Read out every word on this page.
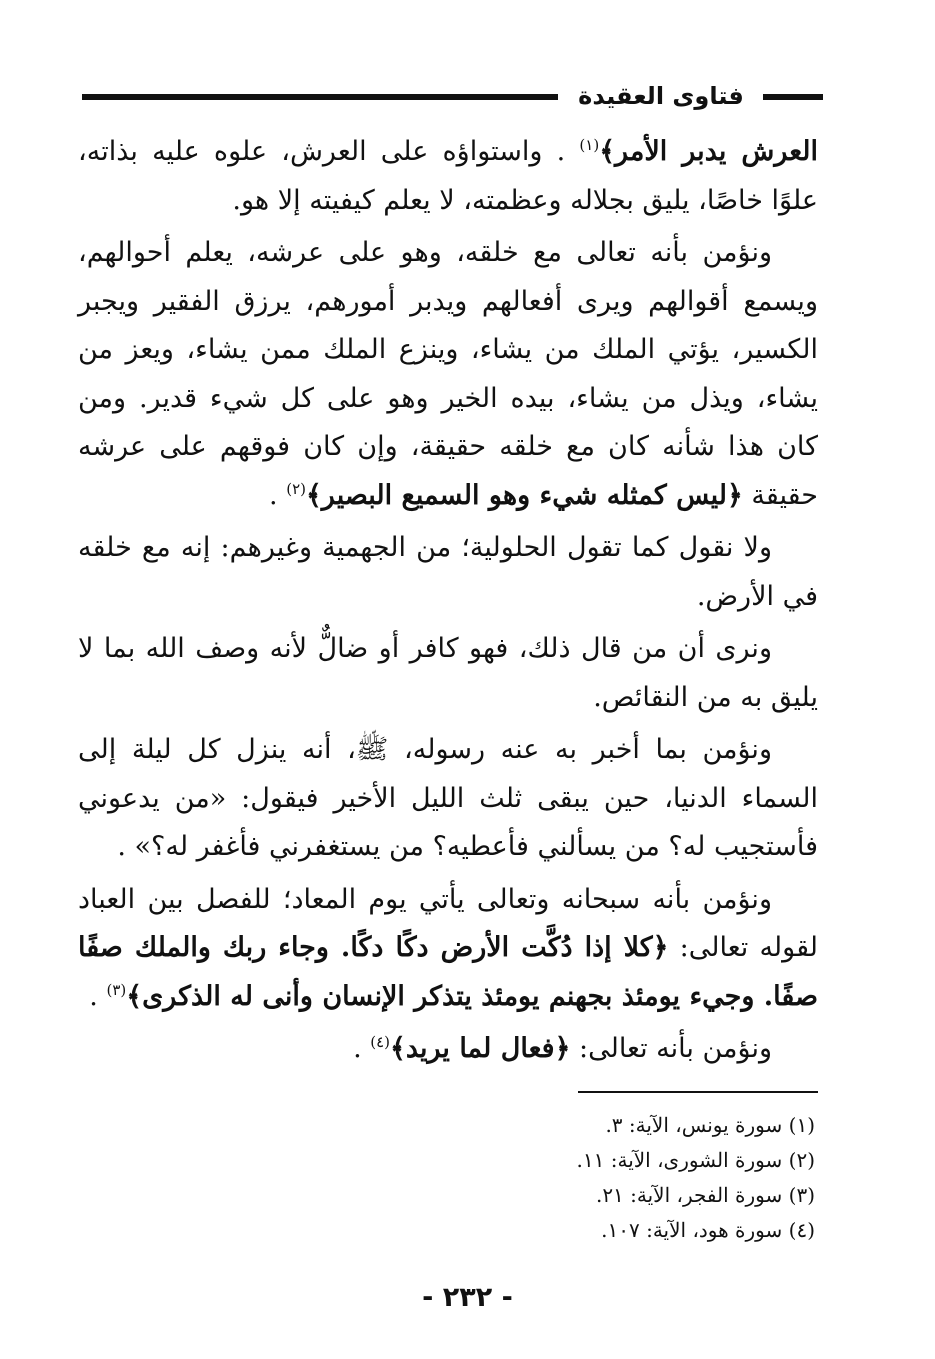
فتاوى العقيدة

العرش يدبر الأمر﴾$^{(١)}$ . واستواؤه على العرش، علوه عليه بذاته، علوًا خاصًا، يليق بجلاله وعظمته، لا يعلم كيفيته إلا هو.

ونؤمن بأنه تعالى مع خلقه، وهو على عرشه، يعلم أحوالهم، ويسمع أقوالهم ويرى أفعالهم ويدبر أمورهم، يرزق الفقير ويجبر الكسير، يؤتي الملك من يشاء، وينزع الملك ممن يشاء، ويعز من يشاء، ويذل من يشاء، بيده الخير وهو على كل شيء قدير. ومن كان هذا شأنه كان مع خلقه حقيقة، وإن كان فوقهم على عرشه حقيقة ﴿ليس كمثله شيء وهو السميع البصير﴾$^{(٢)}$ .

ولا نقول كما تقول الحلولية؛ من الجهمية وغيرهم: إنه مع خلقه في الأرض.

ونرى أن من قال ذلك، فهو كافر أو ضالٌّ لأنه وصف الله بما لا يليق به من النقائص.

ونؤمن بما أخبر به عنه رسوله، ﷺ، أنه ينزل كل ليلة إلى السماء الدنيا، حين يبقى ثلث الليل الأخير فيقول: «من يدعوني فأستجيب له؟ من يسألني فأعطيه؟ من يستغفرني فأغفر له؟» .

ونؤمن بأنه سبحانه وتعالى يأتي يوم المعاد؛ للفصل بين العباد لقوله تعالى: ﴿كلا إذا دُكَّت الأرض دكًا دكًا. وجاء ربك والملك صفًا صفًا. وجيء يومئذ بجهنم يومئذ يتذكر الإنسان وأنى له الذكرى﴾$^{(٣)}$ .

ونؤمن بأنه تعالى: ﴿فعال لما يريد﴾$^{(٤)}$ .

(١) سورة يونس، الآية: ٣.
(٢) سورة الشورى، الآية: ١١.
(٣) سورة الفجر، الآية: ٢١.
(٤) سورة هود، الآية: ١٠٧.
- ٢٣٢ -
